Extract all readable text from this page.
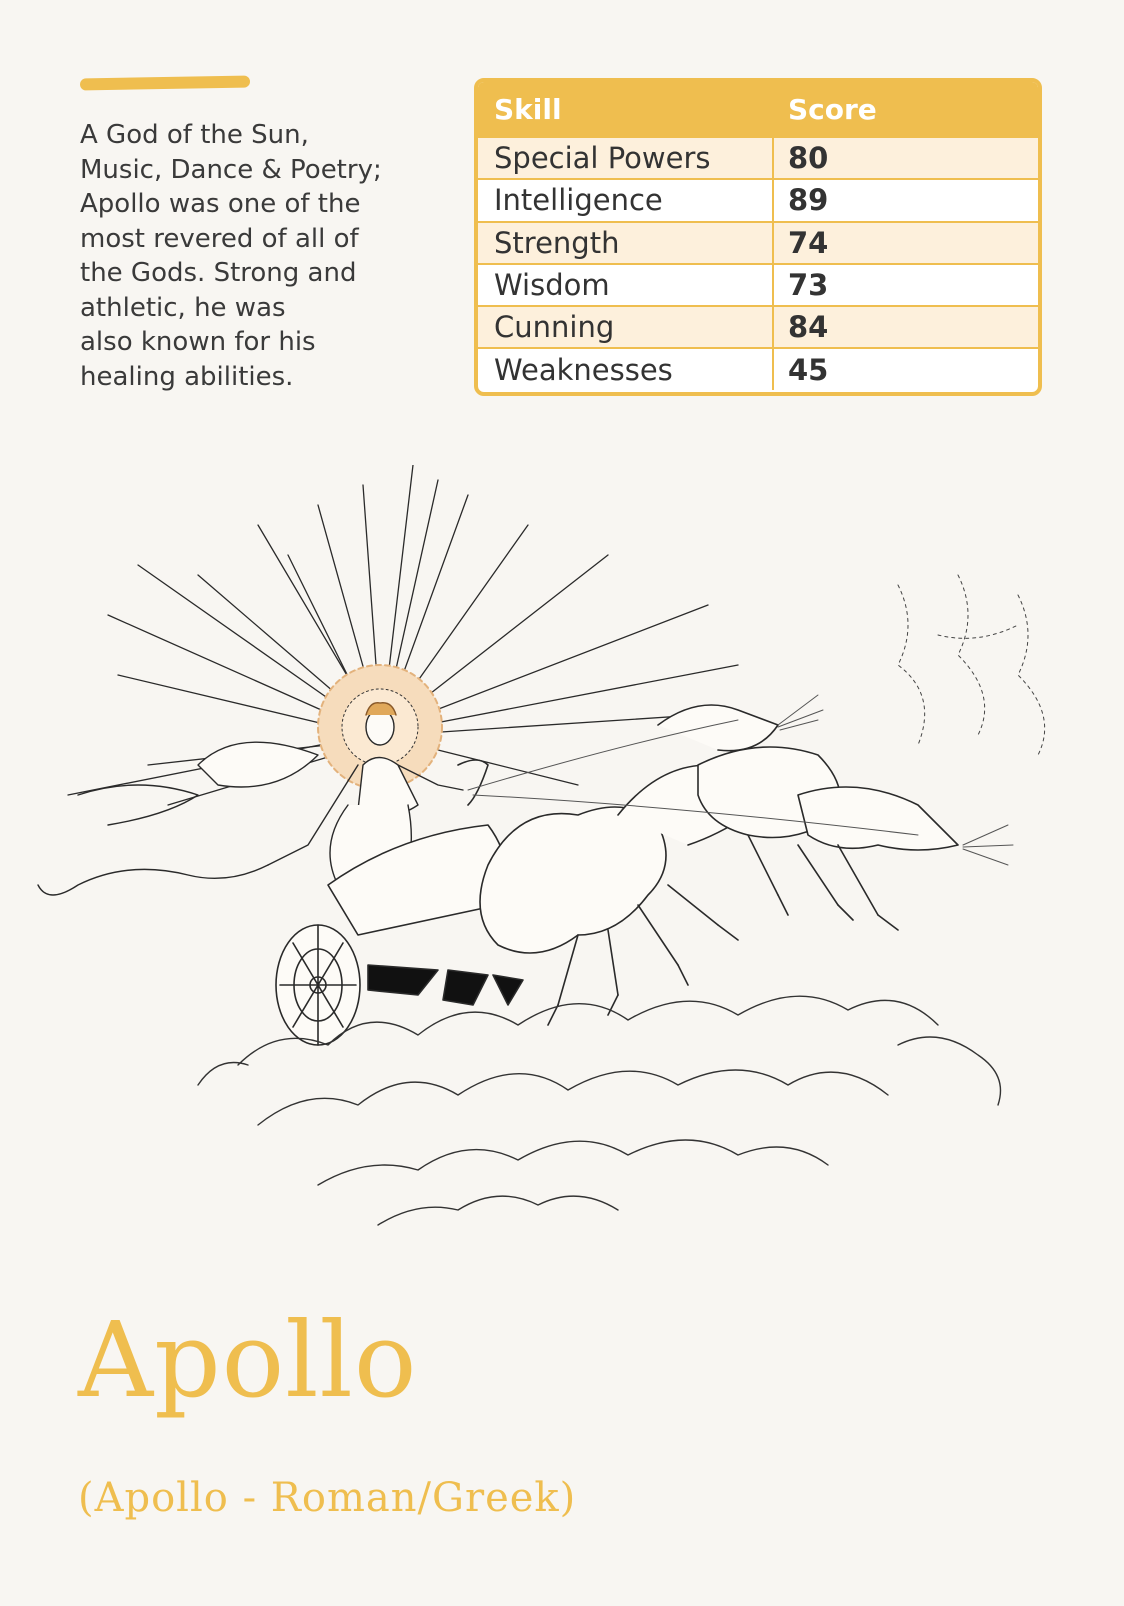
A God of the Sun,
Music, Dance & Poetry;
Apollo was one of the
most revered of all of
the Gods. Strong and
athletic, he was
also known for his
healing abilities.

Skill	Score
Special Powers	80
Intelligence	89
Strength	74
Wisdom	73
Cunning	84
Weaknesses	45
Apollo

(Apollo - Roman/Greek)
